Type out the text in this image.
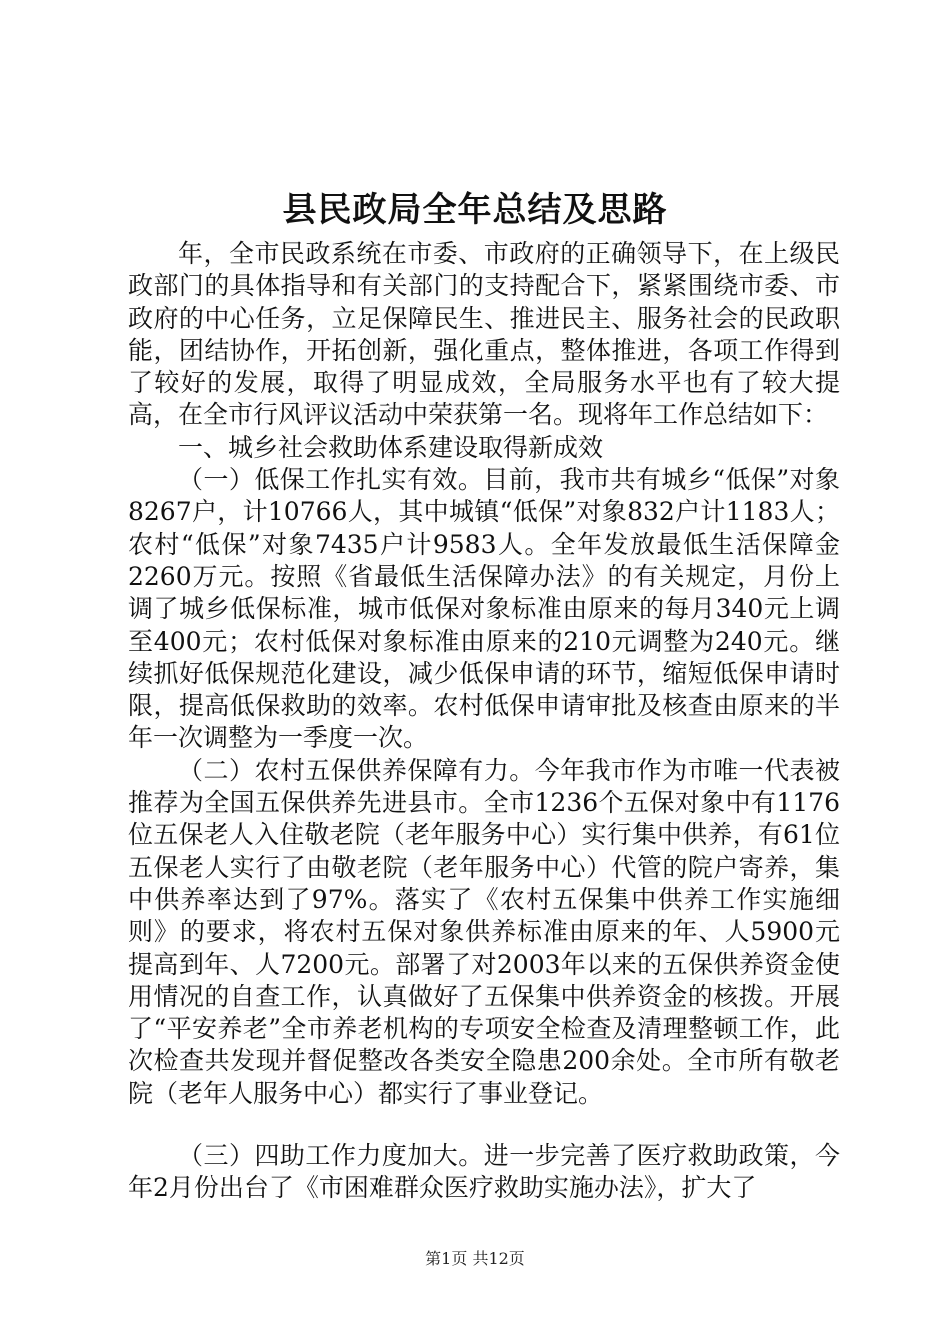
县民政局全年总结及思路

年，全市民政系统在市委、市政府的正确领导下，在上级民政部门的具体指导和有关部门的支持配合下，紧紧围绕市委、市政府的中心任务，立足保障民生、推进民主、服务社会的民政职能，团结协作，开拓创新，强化重点，整体推进，各项工作得到了较好的发展，取得了明显成效，全局服务水平也有了较大提高，在全市行风评议活动中荣获第一名。现将年工作总结如下：

一、城乡社会救助体系建设取得新成效

（一）低保工作扎实有效。目前，我市共有城乡“低保”对象8267户，计10766人，其中城镇“低保”对象832户计1183人；农村“低保”对象7435户计9583人。全年发放最低生活保障金2260万元。按照《省最低生活保障办法》的有关规定，月份上调了城乡低保标准，城市低保对象标准由原来的每月340元上调至400元；农村低保对象标准由原来的210元调整为240元。继续抓好低保规范化建设，减少低保申请的环节，缩短低保申请时限，提高低保救助的效率。农村低保申请审批及核查由原来的半年一次调整为一季度一次。

（二）农村五保供养保障有力。今年我市作为市唯一代表被推荐为全国五保供养先进县市。全市1236个五保对象中有1176位五保老人入住敬老院（老年服务中心）实行集中供养，有61位五保老人实行了由敬老院（老年服务中心）代管的院户寄养，集中供养率达到了97%。落实了《农村五保集中供养工作实施细则》的要求，将农村五保对象供养标准由原来的年、人5900元提高到年、人7200元。部署了对2003年以来的五保供养资金使用情况的自查工作，认真做好了五保集中供养资金的核拨。开展了“平安养老”全市养老机构的专项安全检查及清理整顿工作，此次检查共发现并督促整改各类安全隐患200余处。全市所有敬老院（老年人服务中心）都实行了事业登记。

（三）四助工作力度加大。进一步完善了医疗救助政策，今年2月份出台了《市困难群众医疗救助实施办法》，扩大了

第1页 共12页
